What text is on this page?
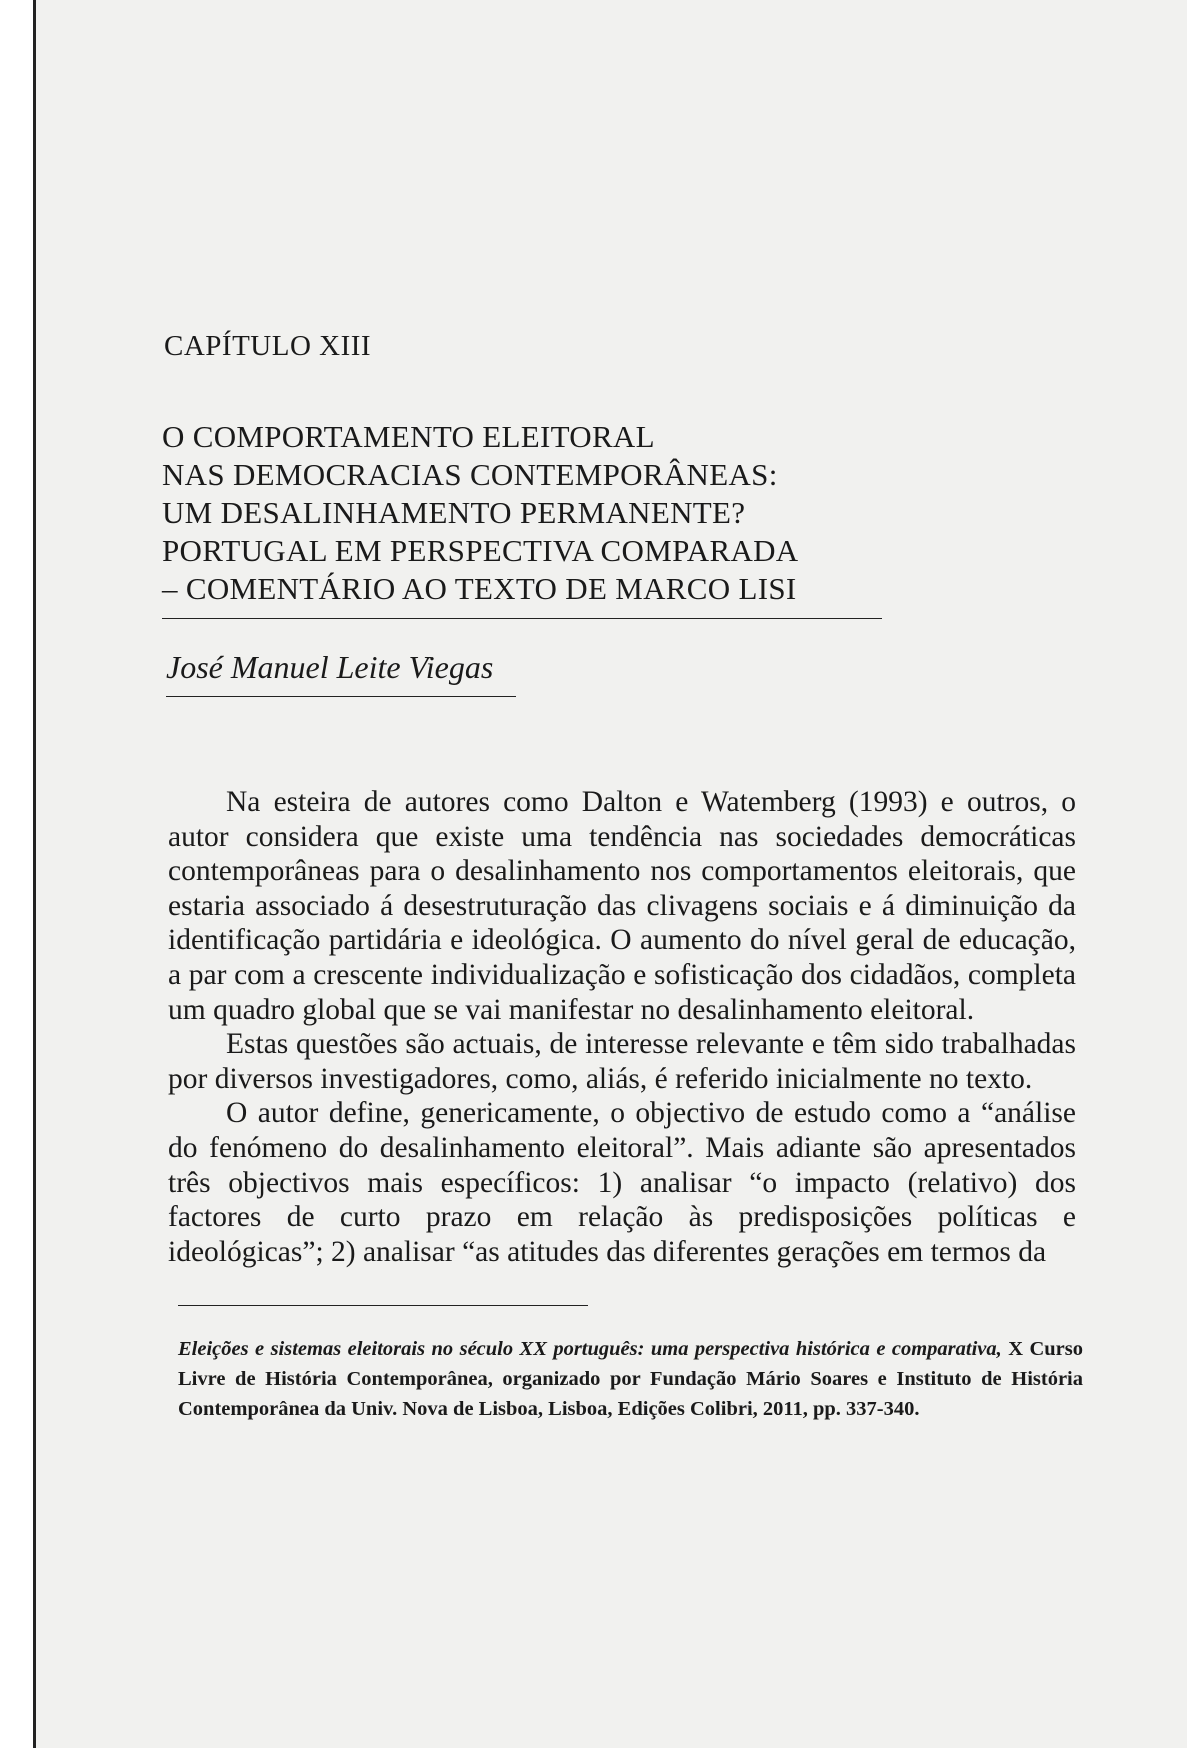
CAPÍTULO XIII
O COMPORTAMENTO ELEITORAL
NAS DEMOCRACIAS CONTEMPORÂNEAS:
UM DESALINHAMENTO PERMANENTE?
PORTUGAL EM PERSPECTIVA COMPARADA
– COMENTÁRIO AO TEXTO DE MARCO LISI
José Manuel Leite Viegas

Na esteira de autores como Dalton e Watemberg (1993) e outros, o autor considera que existe uma tendência nas sociedades democráticas contemporâneas para o desalinhamento nos comportamentos eleitorais, que estaria associado á desestruturação das clivagens sociais e á diminuição da identificação partidária e ideológica. O aumento do nível geral de educação, a par com a crescente individualização e sofisticação dos cidadãos, completa um quadro global que se vai manifestar no desalinhamento eleitoral.

Estas questões são actuais, de interesse relevante e têm sido trabalhadas por diversos investigadores, como, aliás, é referido inicialmente no texto.

O autor define, genericamente, o objectivo de estudo como a “análise do fenómeno do desalinhamento eleitoral”. Mais adiante são apresentados três objectivos mais específicos: 1) analisar “o impacto (relativo) dos factores de curto prazo em relação às predisposições políticas e ideológicas”; 2) analisar “as atitudes das diferentes gerações em termos da

Eleições e sistemas eleitorais no século XX português: uma perspectiva histórica e comparativa, X Curso Livre de História Contemporânea, organizado por Fundação Mário Soares e Instituto de História Contemporânea da Univ. Nova de Lisboa, Lisboa, Edições Colibri, 2011, pp. 337-340.
